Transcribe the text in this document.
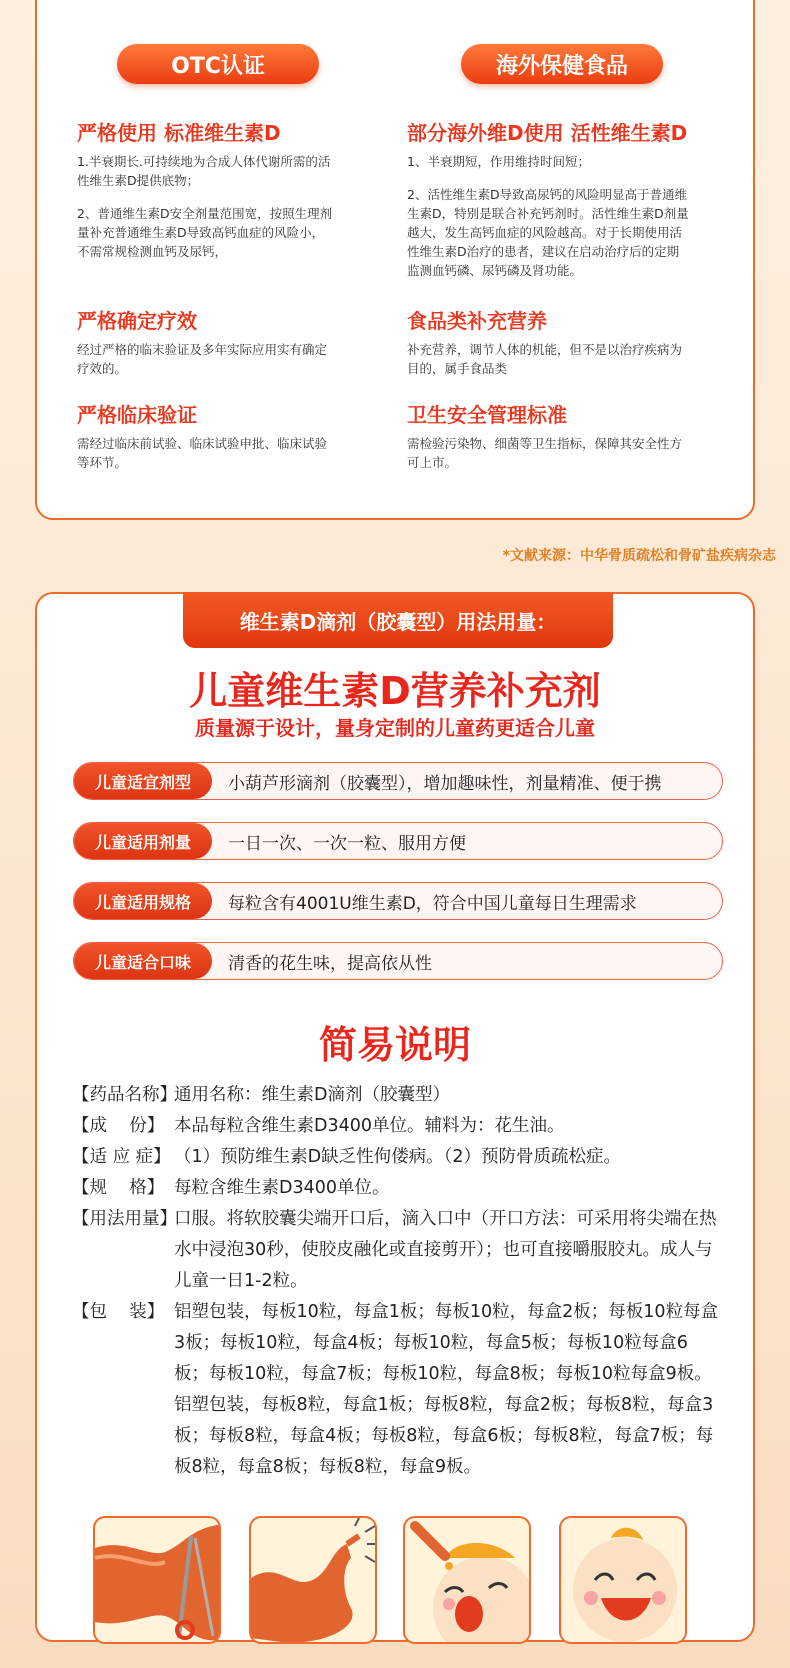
OTC认证	海外保健食品
严格使用 标准维生素D

1.半衰期长.可持续地为合成人体代谢所需的活性维生素D提供底物；

2、普通维生素D安全剂量范围宽，按照生理剂量补充普通维生素D导致高钙血症的风险小，不需常规检测血钙及尿钙，

严格确定疗效

经过严格的临末验证及多年实际应用实有确定疗效的。

严格临床验证

需经过临床前试验、临床试验申批、临床试验等环节。

部分海外维D使用 活性维生素D

1、半衰期短，作用维持时间短；

2、活性维生素D导致高尿钙的风险明显高于普通维生素D，特别是联合补充钙剂时。活性维生素D剂量越大，发生高钙血症的风险越高。对于长期使用活性维生素D治疗的患者，建议在启动治疗后的定期监测血钙磷、尿钙磷及肾功能。

食品类补充营养

补充营养，调节人体的机能，但不是以治疗疾病为目的，属手食品类

卫生安全管理标准

需检验污染物、细菌等卫生指标，保障其安全性方可上市。

*文献来源：中华骨质疏松和骨矿盐疾病杂志
维生素D滴剂（胶囊型）用法用量：
儿童维生素D营养补充剂
质量源于设计，量身定制的儿童药更适合儿童
儿童适宜剂型	小葫芦形滴剂（胶囊型），增加趣味性，剂量精准、便于携
儿童适用剂量	一日一次、一次一粒、服用方便
儿童适用规格	每粒含有4001U维生素D，符合中国儿童每日生理需求
儿童适合口味	清香的花生味，提高依从性
简易说明
【药品名称】
通用名称：维生素D滴剂（胶囊型）
【成    份】 本品每粒含维生素D3400单位。辅料为：花生油。
【适 应 症】 （1）预防维生素D缺乏性佝偻病。（2）预防骨质疏松症。
【规    格】 每粒含维生素D3400单位。
【用法用量】
口服。将软胶囊尖端开口后，滴入口中（开口方法：可采用将尖端在热水中浸泡30秒，使胶皮融化或直接剪开）；也可直接嚼服胶丸。成人与儿童一日1-2粒。
【包    装】 铝塑包装，每板10粒，每盒1板；每板10粒，每盒2板；每板10粒每盒3板；每板10粒，每盒4板；每板10粒，每盒5板；每板10粒每盒6板；每板10粒，每盒7板；每板10粒，每盒8板；每板10粒每盒9板。铝塑包装，每板8粒，每盒1板；每板8粒，每盒2板；每板8粒，每盒3板；每板8粒，每盒4板；每板8粒，每盒6板；每板8粒，每盒7板；每板8粒，每盒8板；每板8粒，每盒9板。
